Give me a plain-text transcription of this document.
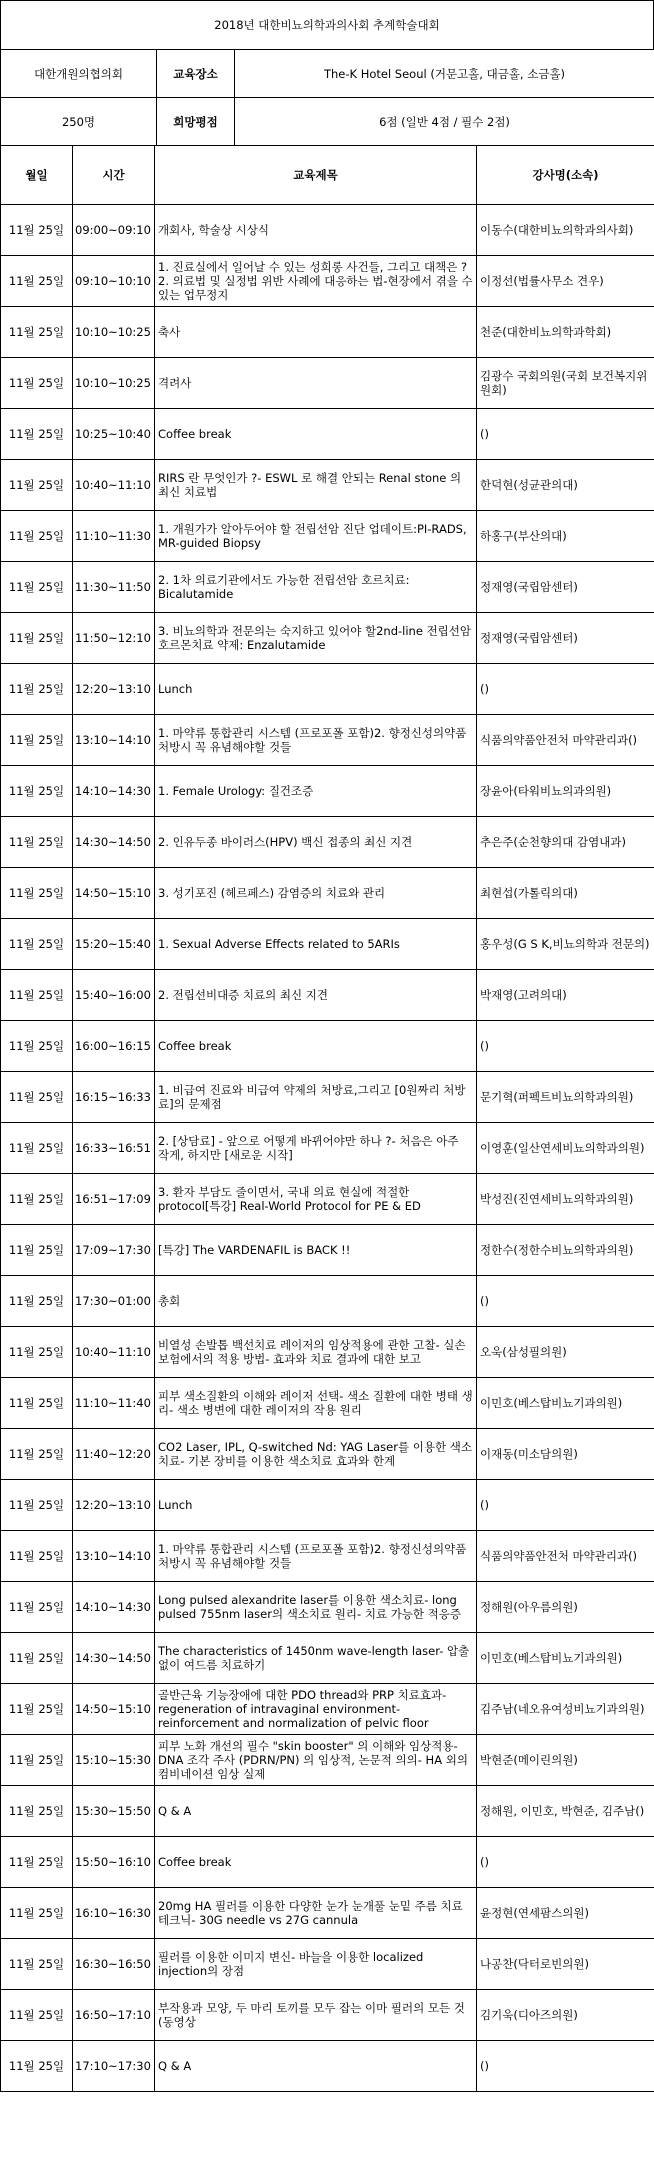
2018년 대한비뇨의학과의사회 추계학술대회
대한개원의협의회	교육장소	The-K Hotel Seoul (거문고홀, 대금홀, 소금홀)
250명	희망평점	6점 (일반 4점 / 필수 2점)
월일	시간	교육제목	강사명(소속)
11월 25일	09:00~09:10	개회사, 학술상 시상식	이동수(대한비뇨의학과의사회)
11월 25일	09:10~10:10	1. 진료실에서 일어날 수 있는 성희롱 사건들, 그리고 대책은 ?2. 의료법 및 실정법 위반 사례에 대응하는 법-현장에서 겪을 수 있는 업무정지	이정선(법률사무소 견우)
11월 25일	10:10~10:25	축사	천준(대한비뇨의학과학회)
11월 25일	10:10~10:25	격려사	김광수 국회의원(국회 보건복지위원회)
11월 25일	10:25~10:40	Coffee break	()
11월 25일	10:40~11:10	RIRS 란 무엇인가 ?- ESWL 로 해결 안되는 Renal stone 의 최신 치료법	한덕현(성균관의대)
11월 25일	11:10~11:30	1. 개원가가 알아두어야 할 전립선암 진단 업데이트:PI-RADS, MR-guided Biopsy	하홍구(부산의대)
11월 25일	11:30~11:50	2. 1차 의료기관에서도 가능한 전립선암 호르치료: Bicalutamide	정재영(국립암센터)
11월 25일	11:50~12:10	3. 비뇨의학과 전문의는 숙지하고 있어야 할2nd-line 전립선암 호르몬치료 약제: Enzalutamide	정재영(국립암센터)
11월 25일	12:20~13:10	Lunch	()
11월 25일	13:10~14:10	1. 마약류 통합관리 시스템 (프로포폴 포함)2. 향정신성의약품 처방시 꼭 유념해야할 것들	식품의약품안전처 마약관리과()
11월 25일	14:10~14:30	1. Female Urology: 질건조증	장윤아(타워비뇨의과의원)
11월 25일	14:30~14:50	2. 인유두종 바이러스(HPV) 백신 접종의 최신 지견	추은주(순천향의대 감염내과)
11월 25일	14:50~15:10	3. 성기포진 (헤르페스) 감염증의 치료와 관리	최현섭(가톨릭의대)
11월 25일	15:20~15:40	1. Sexual Adverse Effects related to 5ARIs	홍우성(G S K,비뇨의학과 전문의)
11월 25일	15:40~16:00	2. 전립선비대증 치료의 최신 지견	박재영(고려의대)
11월 25일	16:00~16:15	Coffee break	()
11월 25일	16:15~16:33	1. 비급여 진료와 비급여 약제의 처방료,그리고 [0원짜리 처방료]의 문제점	문기혁(퍼펙트비뇨의학과의원)
11월 25일	16:33~16:51	2. [상담료] - 앞으로 어떻게 바뀌어야만 하나 ?- 처음은 아주 작게, 하지만 [새로운 시작]	이영훈(일산연세비뇨의학과의원)
11월 25일	16:51~17:09	3. 환자 부담도 줄이면서, 국내 의료 현실에 적절한 protocol[특강] Real-World Protocol for PE & ED	박성진(진연세비뇨의학과의원)
11월 25일	17:09~17:30	[특강] The VARDENAFIL is BACK !!	정한수(정한수비뇨의학과의원)
11월 25일	17:30~01:00	총회	()
11월 25일	10:40~11:10	비열성 손발톱 백선치료 레이저의 임상적용에 관한 고찰- 실손 보험에서의 적용 방법- 효과와 치료 결과에 대한 보고	오욱(삼성필의원)
11월 25일	11:10~11:40	피부 색소질환의 이해와 레이저 선택- 색소 질환에 대한 병태 생리- 색소 병변에 대한 레이저의 작용 원리	이민호(베스탑비뇨기과의원)
11월 25일	11:40~12:20	CO2 Laser, IPL, Q-switched Nd: YAG Laser를 이용한 색소치료- 기본 장비를 이용한 색소치료 효과와 한계	이재동(미소담의원)
11월 25일	12:20~13:10	Lunch	()
11월 25일	13:10~14:10	1. 마약류 통합관리 시스템 (프로포폴 포함)2. 향정신성의약품 처방시 꼭 유념해야할 것들	식품의약품안전처 마약관리과()
11월 25일	14:10~14:30	Long pulsed alexandrite laser를 이용한 색소치료- long pulsed 755nm laser의 색소치료 원리- 치료 가능한 적응증	정해원(아우름의원)
11월 25일	14:30~14:50	The characteristics of 1450nm wave-length laser- 압출 없이 여드름 치료하기	이민호(베스탑비뇨기과의원)
11월 25일	14:50~15:10	골반근육 기능장애에 대한 PDO thread와 PRP 치료효과- regeneration of intravaginal environment-reinforcement and normalization of pelvic floor	김주남(네오유여성비뇨기과의원)
11월 25일	15:10~15:30	피부 노화 개선의 필수 "skin booster" 의 이해와 임상적용- DNA 조각 주사 (PDRN/PN) 의 임상적, 논문적 의의- HA 외의 컴비네이션 임상 실제	박현준(메이린의원)
11월 25일	15:30~15:50	Q & A	정해원, 이민호, 박현준, 김주남()
11월 25일	15:50~16:10	Coffee break	()
11월 25일	16:10~16:30	20mg HA 필러를 이용한 다양한 눈가 눈개풀 눈밑 주름 치료 테크닉- 30G needle vs 27G cannula	윤정현(연세팜스의원)
11월 25일	16:30~16:50	필러를 이용한 이미지 변신- 바늘을 이용한 localized injection의 장점	나공찬(닥터로빈의원)
11월 25일	16:50~17:10	부작용과 모양, 두 마리 토끼를 모두 잡는 이마 필러의 모든 것(동영상	김기욱(디아즈의원)
11월 25일	17:10~17:30	Q & A	()
